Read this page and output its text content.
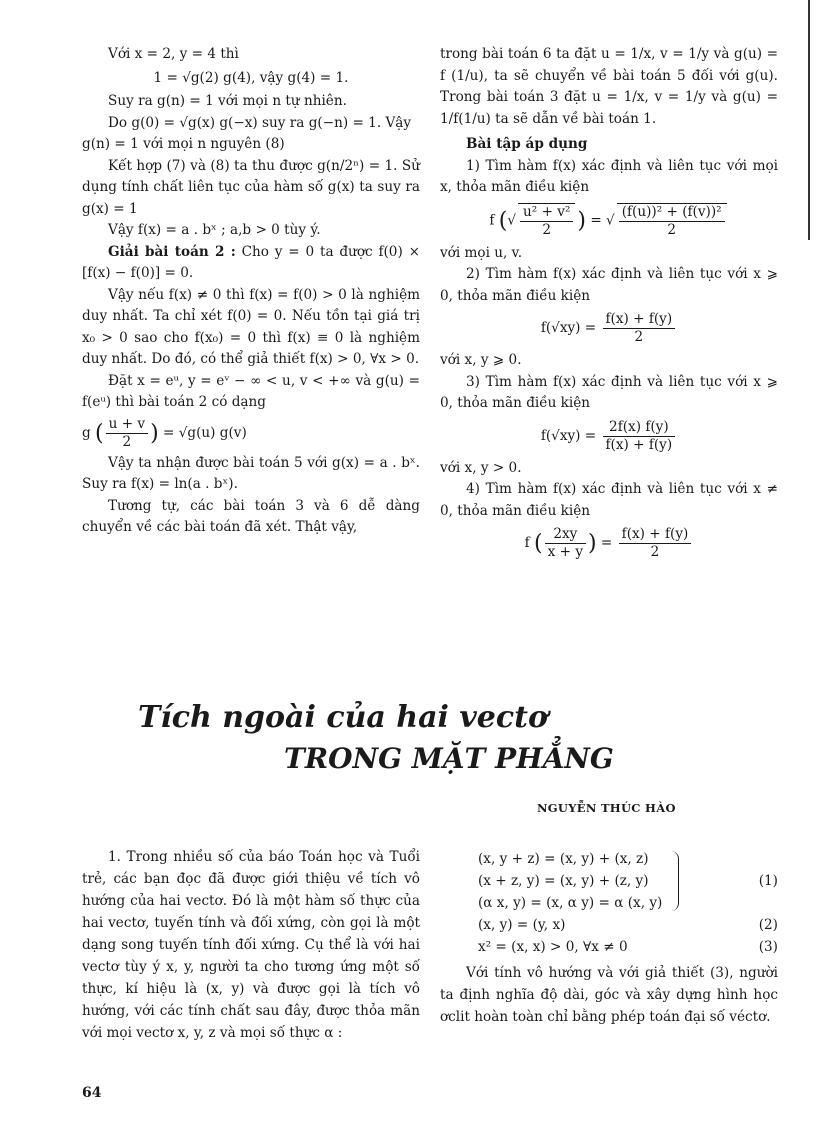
Với x = 2, y = 4 thì

1 = √g(2) g(4), vậy g(4) = 1.

Suy ra g(n) = 1 với mọi n tự nhiên.

Do g(0) = √g(x) g(−x) suy ra g(−n) = 1. Vậy

g(n) = 1 với mọi n nguyên (8)

Kết hợp (7) và (8) ta thu được g(n/2ⁿ) = 1. Sử dụng tính chất liên tục của hàm số g(x) ta suy ra g(x) = 1

Vậy f(x) = a . bˣ ; a,b > 0 tùy ý.

Giải bài toán 2 : Cho y = 0 ta được f(0) × [f(x) − f(0)] = 0.

Vậy nếu f(x) ≠ 0 thì f(x) = f(0) > 0 là nghiệm duy nhất. Ta chỉ xét f(0) = 0. Nếu tồn tại giá trị x₀ > 0 sao cho f(x₀) = 0 thì f(x) ≡ 0 là nghiệm duy nhất. Do đó, có thể giả thiết f(x) > 0, ∀x > 0.

Đặt x = eᵘ, y = eᵛ − ∞ < u, v < +∞ và g(u) = f(eᵘ) thì bài toán 2 có dạng

g ( $\frac{u + v}{2}$ ) = √g(u) g(v)

Vậy ta nhận được bài toán 5 với g(x) = a . bˣ. Suy ra f(x) = ln(a . bˣ).

Tương tự, các bài toán 3 và 6 dễ dàng chuyển về các bài toán đã xét. Thật vậy,

trong bài toán 6 ta đặt u = 1/x, v = 1/y và g(u) = f (1/u), ta sẽ chuyển về bài toán 5 đối với g(u). Trong bài toán 3 đặt u = 1/x, v = 1/y và g(u) = 1/f(1/u) ta sẽ dẫn về bài toán 1.

Bài tập áp dụng

1) Tìm hàm f(x) xác định và liên tục với mọi x, thỏa mãn điều kiện

f (√ $\frac{\text{u² + v²}}{2}$ ) = √ $\frac{\text{(f(u))² + (f(v))²}}{2}$

với mọi u, v.

2) Tìm hàm f(x) xác định và liên tục với x ⩾ 0, thỏa mãn điều kiện

$f(√xy) = \frac{f(x) + f(y)}{2}$

với x, y ⩾ 0.

3) Tìm hàm f(x) xác định và liên tục với x ⩾ 0, thỏa mãn điều kiện

$f(√xy) = \frac{2f(x) f(y)}{f(x) + f(y)}$

với x, y > 0.

4) Tìm hàm f(x) xác định và liên tục với x ≠ 0, thỏa mãn điều kiện

f ( $\frac{2xy}{x + y}$ ) = $\frac{f(x) + f(y)}{2}$

Tích ngoài của hai vectơ
TRONG MẶT PHẲNG
NGUYỄN THÚC HÀO

1. Trong nhiều số của báo Toán học và Tuổi trẻ, các bạn đọc đã được giới thiệu về tích vô hướng của hai vectơ. Đó là một hàm số thực của hai vectơ, tuyến tính và đối xứng, còn gọi là một dạng song tuyến tính đối xứng. Cụ thể là với hai vectơ tùy ý x, y, người ta cho tương ứng một số thực, kí hiệu là (x, y) và được gọi là tích vô hướng, với các tính chất sau đây, được thỏa mãn với mọi vectơ x, y, z và mọi số thực α :

(x, y + z) = (x, y) + (x, z)
(x + z, y) = (x, y) + (z, y)
(α x, y) = (x, α y) = α (x, y)
(1)
(x, y) = (y, x)	(2)
x² = (x, x) > 0, ∀x ≠ 0	(3)

Với tính vô hướng và với giả thiết (3), người ta định nghĩa độ dài, góc và xây dựng hình học ơclit hoàn toàn chỉ bằng phép toán đại số véctơ.

64
